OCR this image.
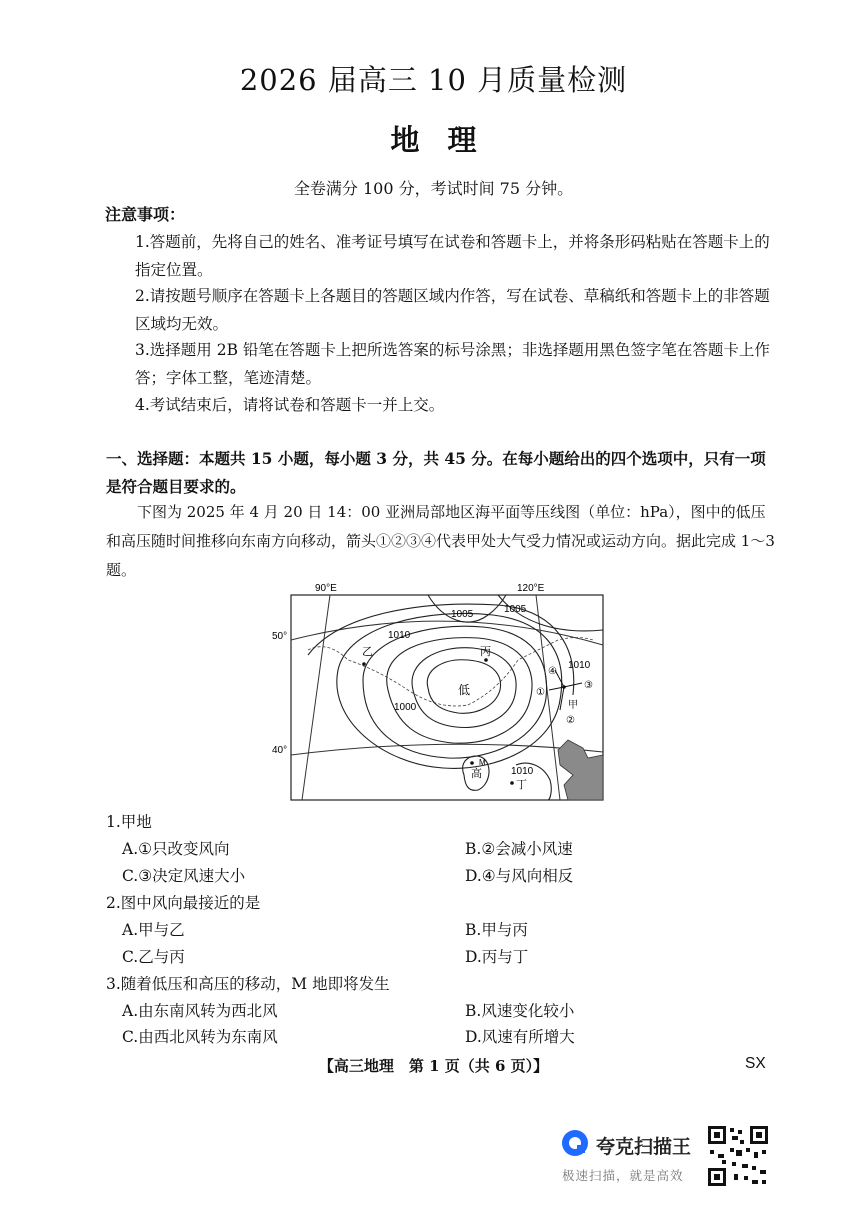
2026 届高三 10 月质量检测
地理
全卷满分 100 分，考试时间 75 分钟。
注意事项：
1.答题前，先将自己的姓名、准考证号填写在试卷和答题卡上，并将条形码粘贴在答题卡上的指定位置。
2.请按题号顺序在答题卡上各题目的答题区域内作答，写在试卷、草稿纸和答题卡上的非答题区域均无效。
3.选择题用 2B 铅笔在答题卡上把所选答案的标号涂黑；非选择题用黑色签字笔在答题卡上作答；字体工整，笔迹清楚。
4.考试结束后，请将试卷和答题卡一并上交。
一、选择题：本题共 15 小题，每小题 3 分，共 45 分。在每小题给出的四个选项中，只有一项是符合题目要求的。
下图为 2025 年 4 月 20 日 14：00 亚洲局部地区海平面等压线图（单位：hPa），图中的低压和高压随时间推移向东南方向移动，箭头①②③④代表甲处大气受力情况或运动方向。据此完成 1～3 题。
90°E	120°E
50°
40°
1005	1005
1010
1010
1000
1010
乙	丙
甲
丁
M
低
高
①
②
③
④
1.甲地
A.①只改变风向	B.②会减小风速
C.③决定风速大小	D.④与风向相反
2.图中风向最接近的是
A.甲与乙	B.甲与丙
C.乙与丙	D.丙与丁
3.随着低压和高压的移动，M 地即将发生
A.由东南风转为西北风	B.风速变化较小
C.由西北风转为东南风	D.风速有所增大
【高三地理　第 1 页（共 6 页）】	SX
夸克扫描王
极速扫描，就是高效
